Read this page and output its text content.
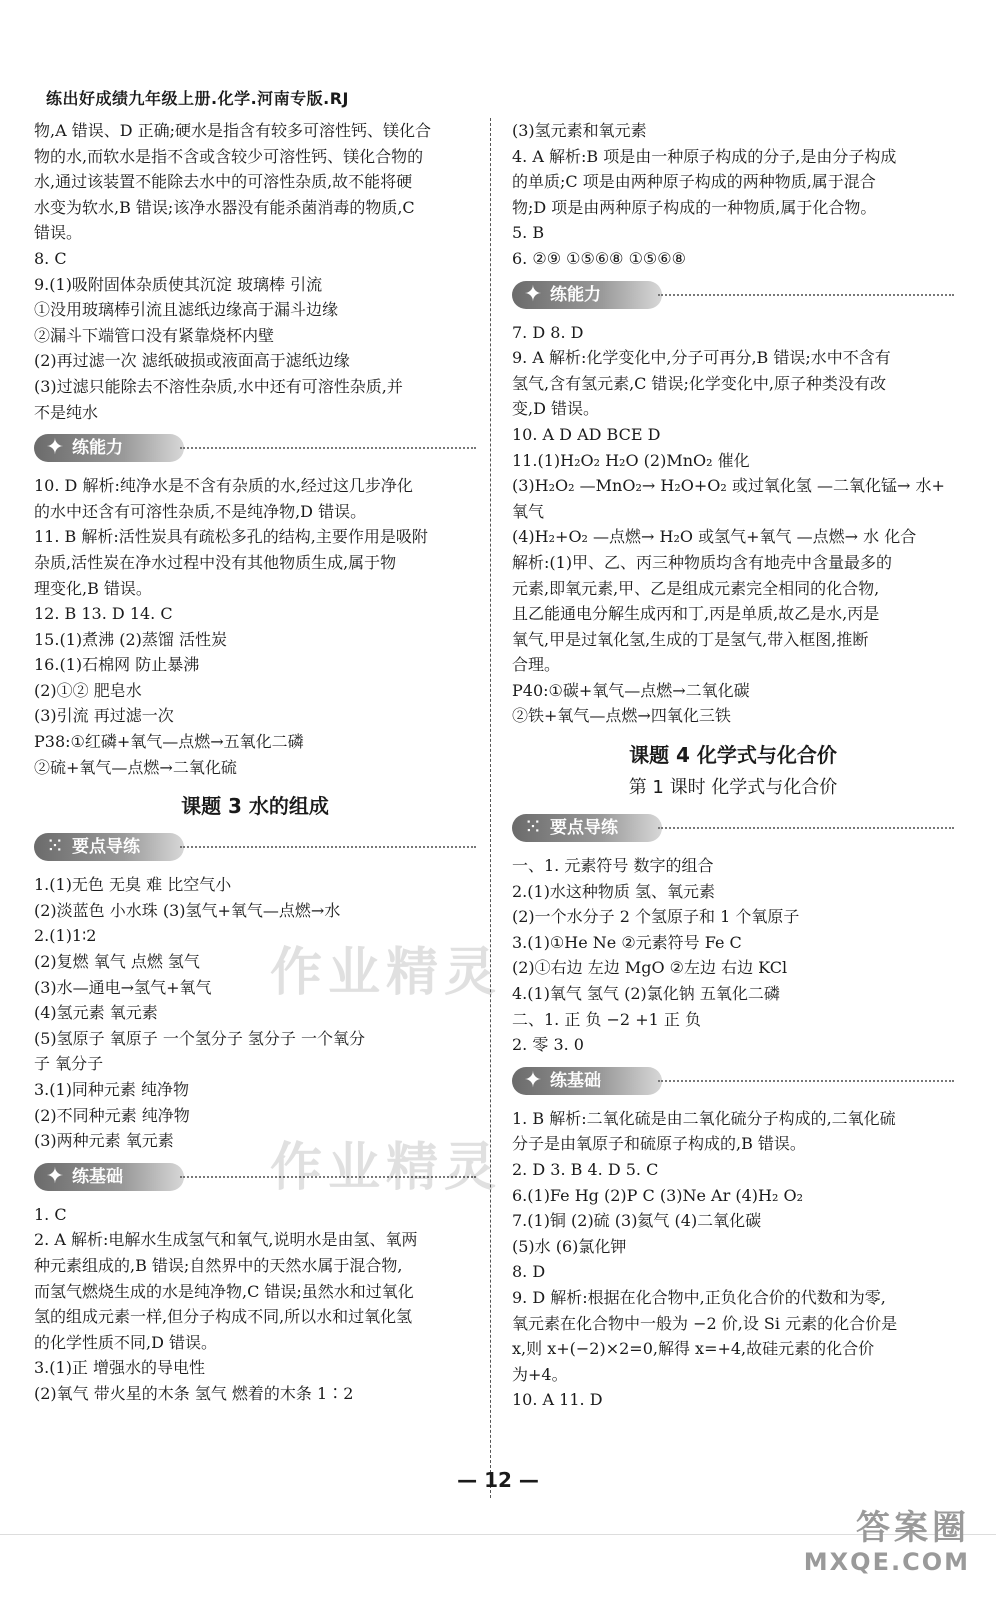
练出好成绩九年级上册.化学.河南专版.RJ
物,A 错误、D 正确;硬水是指含有较多可溶性钙、镁化合
物的水,而软水是指不含或含较少可溶性钙、镁化合物的
水,通过该装置不能除去水中的可溶性杂质,故不能将硬
水变为软水,B 错误;该净水器没有能杀菌消毒的物质,C
错误。
8. C
9.(1)吸附固体杂质使其沉淀 玻璃棒 引流
①没用玻璃棒引流且滤纸边缘高于漏斗边缘
②漏斗下端管口没有紧靠烧杯内壁
(2)再过滤一次 滤纸破损或液面高于滤纸边缘
(3)过滤只能除去不溶性杂质,水中还有可溶性杂质,并
不是纯水
✦ 练能力
10. D 解析:纯净水是不含有杂质的水,经过这几步净化
的水中还含有可溶性杂质,不是纯净物,D 错误。
11. B 解析:活性炭具有疏松多孔的结构,主要作用是吸附
杂质,活性炭在净水过程中没有其他物质生成,属于物
理变化,B 错误。
12. B 13. D 14. C
15.(1)煮沸 (2)蒸馏 活性炭
16.(1)石棉网 防止暴沸
(2)①② 肥皂水
(3)引流 再过滤一次
P38:①红磷+氧气—点燃→五氧化二磷
②硫+氧气—点燃→二氧化硫
课题 3 水的组成
⁙ 要点导练
1.(1)无色 无臭 难 比空气小
(2)淡蓝色 小水珠 (3)氢气+氧气—点燃→水
2.(1)1∶2
(2)复燃 氧气 点燃 氢气
(3)水—通电→氢气+氧气
(4)氢元素 氧元素
(5)氢原子 氧原子 一个氢分子 氢分子 一个氧分
子 氧分子
3.(1)同种元素 纯净物
(2)不同种元素 纯净物
(3)两种元素 氧元素
✦ 练基础
1. C
2. A 解析:电解水生成氢气和氧气,说明水是由氢、氧两
种元素组成的,B 错误;自然界中的天然水属于混合物,
而氢气燃烧生成的水是纯净物,C 错误;虽然水和过氧化
氢的组成元素一样,但分子构成不同,所以水和过氧化氢
的化学性质不同,D 错误。
3.(1)正 增强水的导电性
(2)氧气 带火星的木条 氢气 燃着的木条 1∶2
(3)氢元素和氧元素
4. A 解析:B 项是由一种原子构成的分子,是由分子构成
的单质;C 项是由两种原子构成的两种物质,属于混合
物;D 项是由两种原子构成的一种物质,属于化合物。
5. B
6. ②⑨ ①⑤⑥⑧ ①⑤⑥⑧
✦ 练能力
7. D 8. D
9. A 解析:化学变化中,分子可再分,B 错误;水中不含有
氢气,含有氢元素,C 错误;化学变化中,原子种类没有改
变,D 错误。
10. A D AD BCE D
11.(1)H₂O₂ H₂O (2)MnO₂ 催化
(3)H₂O₂ —MnO₂→ H₂O+O₂ 或过氧化氢 —二氧化锰→ 水+
氧气
(4)H₂+O₂ —点燃→ H₂O 或氢气+氧气 —点燃→ 水 化合
解析:(1)甲、乙、丙三种物质均含有地壳中含量最多的
元素,即氧元素,甲、乙是组成元素完全相同的化合物,
且乙能通电分解生成丙和丁,丙是单质,故乙是水,丙是
氧气,甲是过氧化氢,生成的丁是氢气,带入框图,推断
合理。
P40:①碳+氧气—点燃→二氧化碳
②铁+氧气—点燃→四氧化三铁
课题 4 化学式与化合价
第 1 课时 化学式与化合价
⁙ 要点导练
一、1. 元素符号 数字的组合
2.(1)水这种物质 氢、氧元素
(2)一个水分子 2 个氢原子和 1 个氧原子
3.(1)①He Ne ②元素符号 Fe C
(2)①右边 左边 MgO ②左边 右边 KCl
4.(1)氧气 氢气 (2)氯化钠 五氧化二磷
二、1. 正 负 −2 +1 正 负
2. 零 3. 0
✦ 练基础
1. B 解析:二氧化硫是由二氧化硫分子构成的,二氧化硫
分子是由氧原子和硫原子构成的,B 错误。
2. D 3. B 4. D 5. C
6.(1)Fe Hg (2)P C (3)Ne Ar (4)H₂ O₂
7.(1)铜 (2)硫 (3)氦气 (4)二氧化碳
(5)水 (6)氯化钾
8. D
9. D 解析:根据在化合物中,正负化合价的代数和为零,
氧元素在化合物中一般为 −2 价,设 Si 元素的化合价是
x,则 x+(−2)×2=0,解得 x=+4,故硅元素的化合价
为+4。
10. A 11. D
作业精灵
作业精灵
— 12 —
答案圈
MXQE.COM
